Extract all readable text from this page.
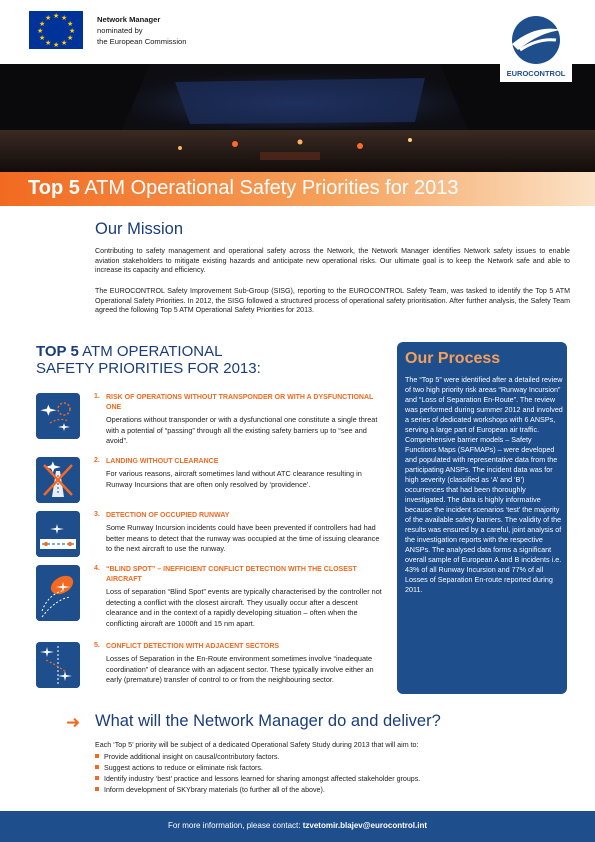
★ ★
★
★
★
★
★
★
★
★
★
★	Network Manager
nominated by
the European Commission
EUROCONTROL
Top 5 ATM Operational Safety Priorities for 2013
Our Mission
Contributing to safety management and operational safety across the Network, the Network Manager identifies Network safety issues to enable aviation stakeholders to mitigate existing hazards and anticipate new operational risks. Our ultimate goal is to keep the Network safe and able to increase its capacity and efficiency.
The EUROCONTROL Safety Improvement Sub-Group (SISG), reporting to the EUROCONTROL Safety Team, was tasked to identify the Top 5 ATM Operational Safety Priorities. In 2012, the SISG followed a structured process of operational safety prioritisation. After further analysis, the Safety Team agreed the following Top 5 ATM Operational Safety Priorities for 2013.
TOP 5 ATM OPERATIONAL
SAFETY PRIORITIES FOR 2013:
1. RISK OF OPERATIONS WITHOUT TRANSPONDER OR WITH A DYSFUNCTIONAL ONE
Operations without transponder or with a dysfunctional one constitute a single threat with a potential of “passing” through all the existing safety barriers up to “see and avoid”.
2. LANDING WITHOUT CLEARANCE
For various reasons, aircraft sometimes land without ATC clearance resulting in Runway Incursions that are often only resolved by ‘providence’.
3. DETECTION OF OCCUPIED RUNWAY
Some Runway Incursion incidents could have been prevented if controllers had had better means to detect that the runway was occupied at the time of issuing clearance to the next aircraft to use the runway.
4. “BLIND SPOT” – INEFFICIENT CONFLICT DETECTION WITH THE CLOSEST AIRCRAFT
Loss of separation “Blind Spot” events are typically characterised by the controller not detecting a conflict with the closest aircraft. They usually occur after a descent clearance and in the context of a rapidly developing situation – often when the conflicting aircraft are 1000ft and 15 nm apart.
5. CONFLICT DETECTION WITH ADJACENT SECTORS
Losses of Separation in the En-Route environment sometimes involve “inadequate coordination” of clearance with an adjacent sector. These typically involve either an early (premature) transfer of control to or from the neighbouring sector.
Our Process
The “Top 5” were identified after a detailed review of two high priority risk areas “Runway Incursion” and “Loss of Separation En-Route”. The review was performed during summer 2012 and involved a series of dedicated workshops with 6 ANSPs, serving a large part of European air traffic. Comprehensive barrier models – Safety Functions Maps (SAFMAPs) – were developed and populated with representative data from the participating ANSPs. The incident data was for high severity (classified as ‘A’ and ‘B’) occurrences that had been thoroughly investigated. The data is highly informative because the incident scenarios ‘test’ the majority of the available safety barriers. The validity of the results was ensured by a careful, joint analysis of the investigation reports with the respective ANSPs. The analysed data forms a significant overall sample of European A and B incidents i.e. 43% of all Runway Incursion and 77% of all Losses of Separation En-route reported during 2011.
➜ What will the Network Manager do and deliver?
Each ‘Top 5’ priority will be subject of a dedicated Operational Safety Study during 2013 that will aim to:
Provide additional insight on causal/contributory factors.
Suggest actions to reduce or eliminate risk factors.
Identify industry ‘best’ practice and lessons learned for sharing amongst affected stakeholder groups.
Inform development of SKYbrary materials (to further all of the above).
For more information, please contact: tzvetomir.blajev@eurocontrol.int
